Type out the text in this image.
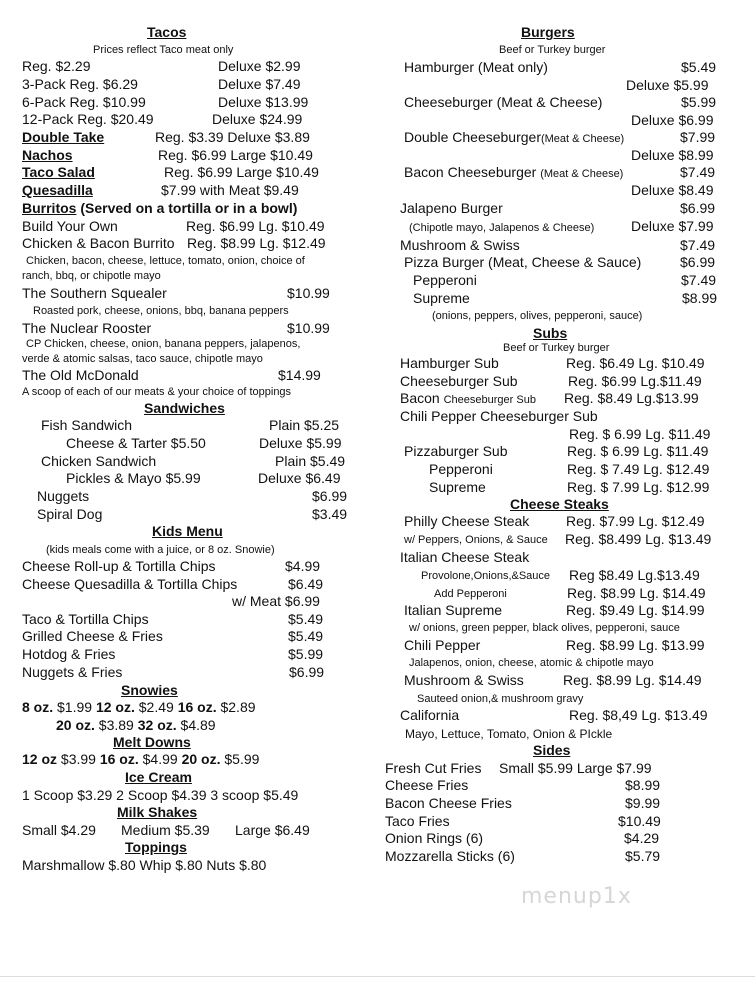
Tacos
Prices reflect Taco meat only
Reg. $2.29	Deluxe $2.99
3-Pack Reg. $6.29	Deluxe $7.49
6-Pack Reg. $10.99	Deluxe $13.99
12-Pack Reg. $20.49	Deluxe $24.99
Double Take	Reg. $3.39 Deluxe $3.89
Nachos	Reg. $6.99 Large $10.49
Taco Salad	Reg. $6.99 Large $10.49
Quesadilla	$7.99 with Meat $9.49
Burritos (Served on a tortilla or in a bowl)
Build Your Own	Reg. $6.99 Lg. $10.49
Chicken & Bacon Burrito Reg. $8.99 Lg. $12.49
Chicken, bacon, cheese, lettuce, tomato, onion, choice of
ranch, bbq, or chipotle mayo
The Southern Squealer	$10.99
Roasted pork, cheese, onions, bbq, banana peppers
The Nuclear Rooster	$10.99
CP Chicken, cheese, onion, banana peppers, jalapenos,
verde & atomic salsas, taco sauce, chipotle mayo
The Old McDonald	$14.99
A scoop of each of our meats & your choice of toppings
Sandwiches
Fish Sandwich	Plain $5.25
Cheese & Tarter $5.50	Deluxe $5.99
Chicken Sandwich	Plain $5.49
Pickles & Mayo $5.99	Deluxe $6.49
Nuggets	$6.99
Spiral Dog	$3.49
Kids Menu
(kids meals come with a juice, or 8 oz. Snowie)
Cheese Roll-up & Tortilla Chips	$4.99
Cheese Quesadilla & Tortilla Chips	$6.49
w/ Meat $6.99
Taco & Tortilla Chips	$5.49
Grilled Cheese & Fries	$5.49
Hotdog & Fries	$5.99
Nuggets & Fries	$6.99
Snowies
8 oz. $1.99 12 oz. $2.49 16 oz. $2.89
20 oz. $3.89 32 oz. $4.89
Melt Downs
12 oz $3.99 16 oz. $4.99 20 oz. $5.99
Ice Cream
1 Scoop $3.29 2 Scoop $4.39 3 scoop $5.49
Milk Shakes
Small $4.29 Medium $5.39 Large $6.49
Toppings
Marshmallow $.80 Whip $.80 Nuts $.80
Burgers
Beef or Turkey burger
Hamburger (Meat only)	$5.49
Deluxe $5.99
Cheeseburger (Meat & Cheese)	$5.99
Deluxe $6.99
Double Cheeseburger(Meat & Cheese)	$7.99
Deluxe $8.99
Bacon Cheeseburger (Meat & Cheese)	$7.49
Deluxe $8.49
Jalapeno Burger	$6.99
(Chipotle mayo, Jalapenos & Cheese)	Deluxe $7.99
Mushroom & Swiss	$7.49
Pizza Burger (Meat, Cheese & Sauce)	$6.99
Pepperoni	$7.49
Supreme	$8.99
(onions, peppers, olives, pepperoni, sauce)
Subs
Beef or Turkey burger
Hamburger Sub	Reg. $6.49 Lg. $10.49
Cheeseburger Sub	Reg. $6.99 Lg.$11.49
Bacon Cheeseburger Sub Reg. $8.49 Lg.$13.99
Chili Pepper Cheeseburger Sub
Reg. $ 6.99 Lg. $11.49
Pizzaburger Sub	Reg. $ 6.99 Lg. $11.49
Pepperoni	Reg. $ 7.49 Lg. $12.49
Supreme	Reg. $ 7.99 Lg. $12.99
Cheese Steaks
Philly Cheese Steak	Reg. $7.99 Lg. $12.49
w/ Peppers, Onions, & Sauce Reg. $8.499 Lg. $13.49
Italian Cheese Steak
Provolone,Onions,&Sauce Reg $8.49 Lg.$13.49
Add Pepperoni	Reg. $8.99 Lg. $14.49
Italian Supreme	Reg. $9.49 Lg. $14.99
w/ onions, green pepper, black olives, pepperoni, sauce
Chili Pepper	Reg. $8.99 Lg. $13.99
Jalapenos, onion, cheese, atomic & chipotle mayo
Mushroom & Swiss	Reg. $8.99 Lg. $14.49
Sauteed onion,& mushroom gravy
California	Reg. $8,49 Lg. $13.49
Mayo, Lettuce, Tomato, Onion & PIckle
Sides
Fresh Cut Fries Small $5.99 Large $7.99
Cheese Fries	$8.99
Bacon Cheese Fries	$9.99
Taco Fries	$10.49
Onion Rings (6)	$4.29
Mozzarella Sticks (6)	$5.79
menup1x
